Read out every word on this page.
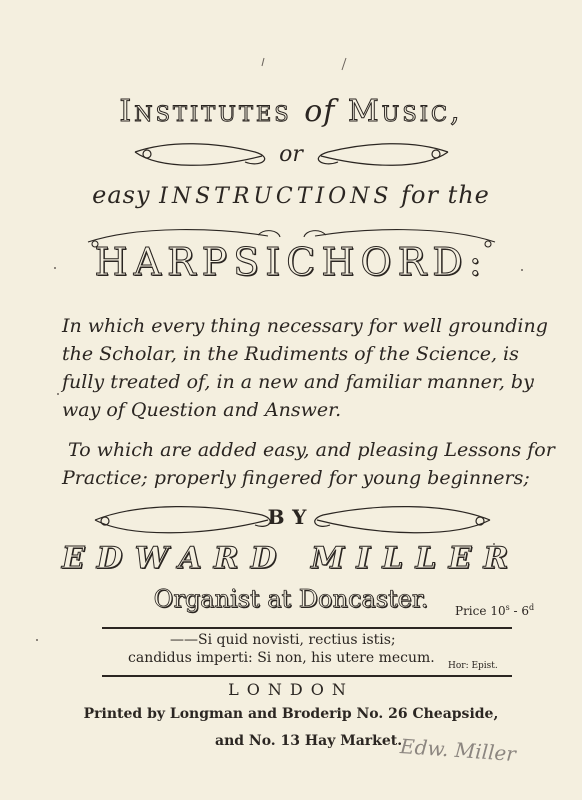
Institutes of Music,
or
easy INSTRUCTIONS for the
HARPSICHORD:
In which every thing necessary for well grounding
the Scholar, in the Rudiments of the Science, is
fully treated of, in a new and familiar manner, by
way of Question and Answer.
To which are added easy, and pleasing Lessons for
Practice; properly fingered for young beginners;
BY
EDWARD MILLER
Organist at Doncaster.	Price 10$^s$ - 6$^d$
——Si quid novisti, rectius istis;
candidus imperti: Si non, his utere mecum. Hor: Epist.
LONDON
Printed by Longman and Broderip No. 26 Cheapside,
and No. 13 Hay Market.
Edw. Miller
